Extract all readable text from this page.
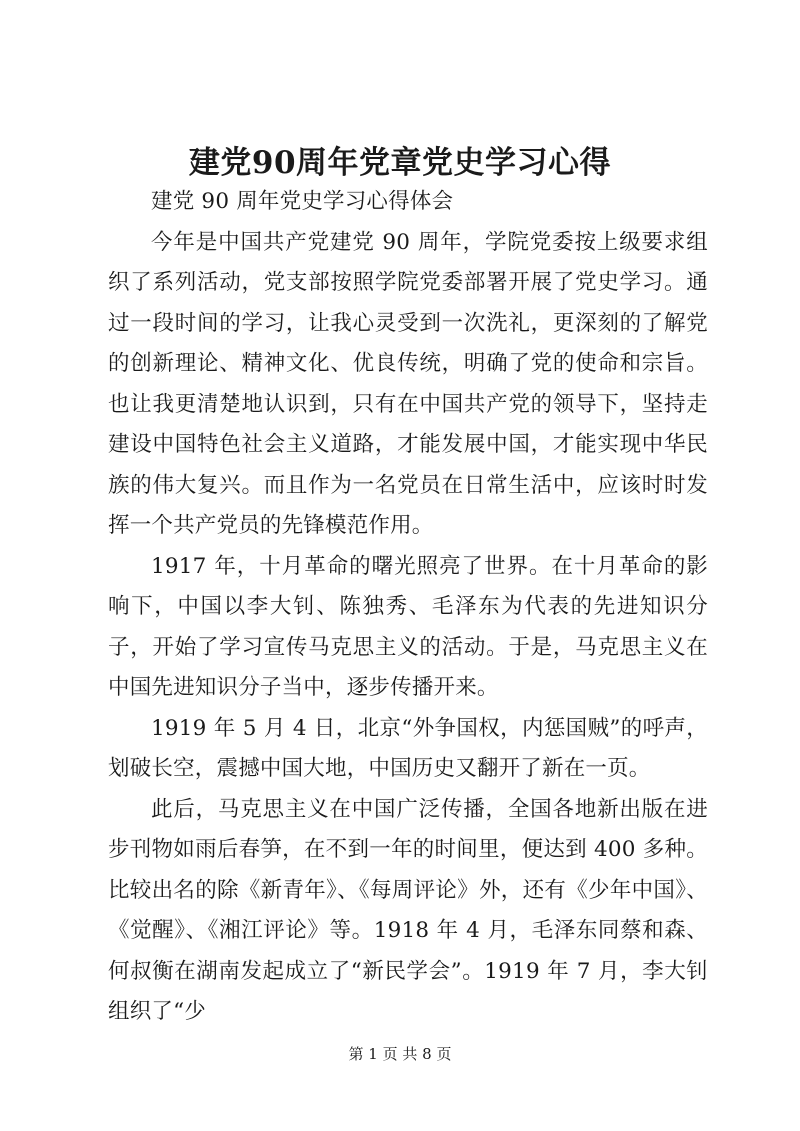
建党90周年党章党史学习心得

建党 90 周年党史学习心得体会

今年是中国共产党建党 90 周年，学院党委按上级要求组织了系列活动，党支部按照学院党委部署开展了党史学习。通过一段时间的学习，让我心灵受到一次洗礼，更深刻的了解党的创新理论、精神文化、优良传统，明确了党的使命和宗旨。也让我更清楚地认识到，只有在中国共产党的领导下，坚持走建设中国特色社会主义道路，才能发展中国，才能实现中华民族的伟大复兴。而且作为一名党员在日常生活中，应该时时发挥一个共产党员的先锋模范作用。

1917 年，十月革命的曙光照亮了世界。在十月革命的影响下，中国以李大钊、陈独秀、毛泽东为代表的先进知识分子，开始了学习宣传马克思主义的活动。于是，马克思主义在中国先进知识分子当中，逐步传播开来。

1919 年 5 月 4 日，北京“外争国权，内惩国贼”的呼声，划破长空，震撼中国大地，中国历史又翻开了新在一页。

此后，马克思主义在中国广泛传播，全国各地新出版在进步刊物如雨后春笋，在不到一年的时间里，便达到 400 多种。比较出名的除《新青年》、《每周评论》外，还有《少年中国》、《觉醒》、《湘江评论》等。1918 年 4 月，毛泽东同蔡和森、何叔衡在湖南发起成立了“新民学会”。1919 年 7 月，李大钊组织了“少

第 1 页 共 8 页
